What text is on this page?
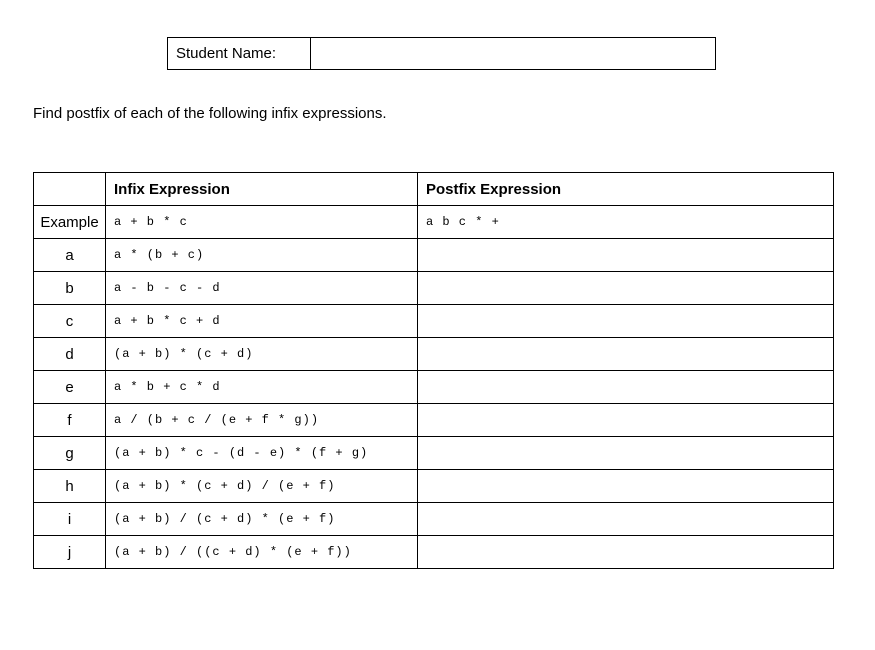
Student Name:	

Find postfix of each of the following infix expressions.

	Infix Expression	Postfix Expression
Example	a + b * c	a b c * +
a	a * (b + c)	
b	a - b - c - d	
c	a + b * c + d	
d	(a + b) * (c + d)	
e	a * b + c * d	
f	a / (b + c / (e + f * g))	
g	(a + b) * c - (d - e) * (f + g)	
h	(a + b) * (c + d) / (e + f)	
i	(a + b) / (c + d) * (e + f)	
j	(a + b) / ((c + d) * (e + f))	
